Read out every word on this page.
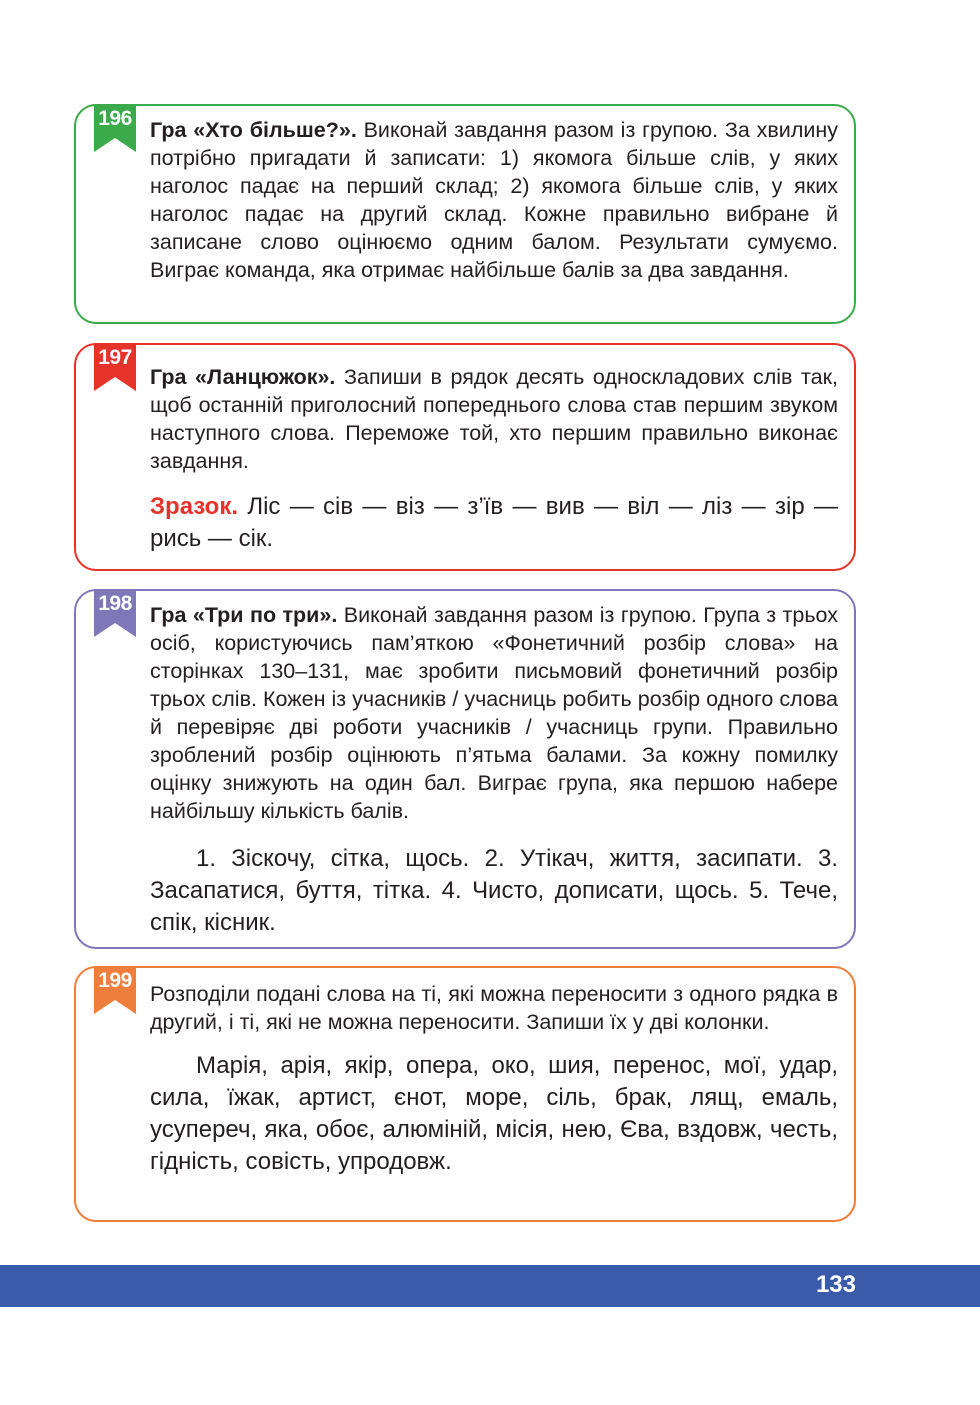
196 Гра «Хто більше?». Виконай завдання разом із групою. За хвилину потрібно пригадати й записати: 1) якомога більше слів, у яких наголос падає на перший склад; 2) якомога більше слів, у яких наголос падає на другий склад. Кожне правильно вибране й записане слово оцінюємо одним балом. Результати сумуємо. Виграє команда, яка отримає найбільше балів за два завдання.

197

Гра «Ланцюжок». Запиши в рядок десять односкладових слів так, щоб останній приголосний попереднього слова став першим звуком наступного слова. Переможе той, хто першим правильно виконає завдання.

Зразок. Ліс — сів — віз — з’їв — вив — віл — ліз — зір — рись — сік.

198 Гра «Три по три». Виконай завдання разом із групою. Група з трьох осіб, користуючись пам’яткою «Фонетичний розбір слова» на сторінках 130–131, має зробити письмовий фонетичний розбір трьох слів. Кожен із учасників / учасниць робить розбір одного слова й перевіряє дві роботи учасників / учасниць групи. Правильно зроблений розбір оцінюють п’ятьма балами. За кожну помилку оцінку знижують на один бал. Виграє група, яка першою набере найбільшу кількість балів.

1. Зіскочу, сітка, щось. 2. Утікач, життя, засипати. 3. Засапатися, буття, тітка. 4. Чисто, дописати, щось. 5. Тече, спік, кісник.

199

Розподіли подані слова на ті, які можна переносити з одного рядка в другий, і ті, які не можна переносити. Запиши їх у дві колонки.

Марія, арія, якір, опера, око, шия, перенос, мої, удар, сила, їжак, артист, єнот, море, сіль, брак, лящ, емаль, усупереч, яка, обоє, алюміній, місія, нею, Єва, вздовж, честь, гідність, совість, упродовж.

133
